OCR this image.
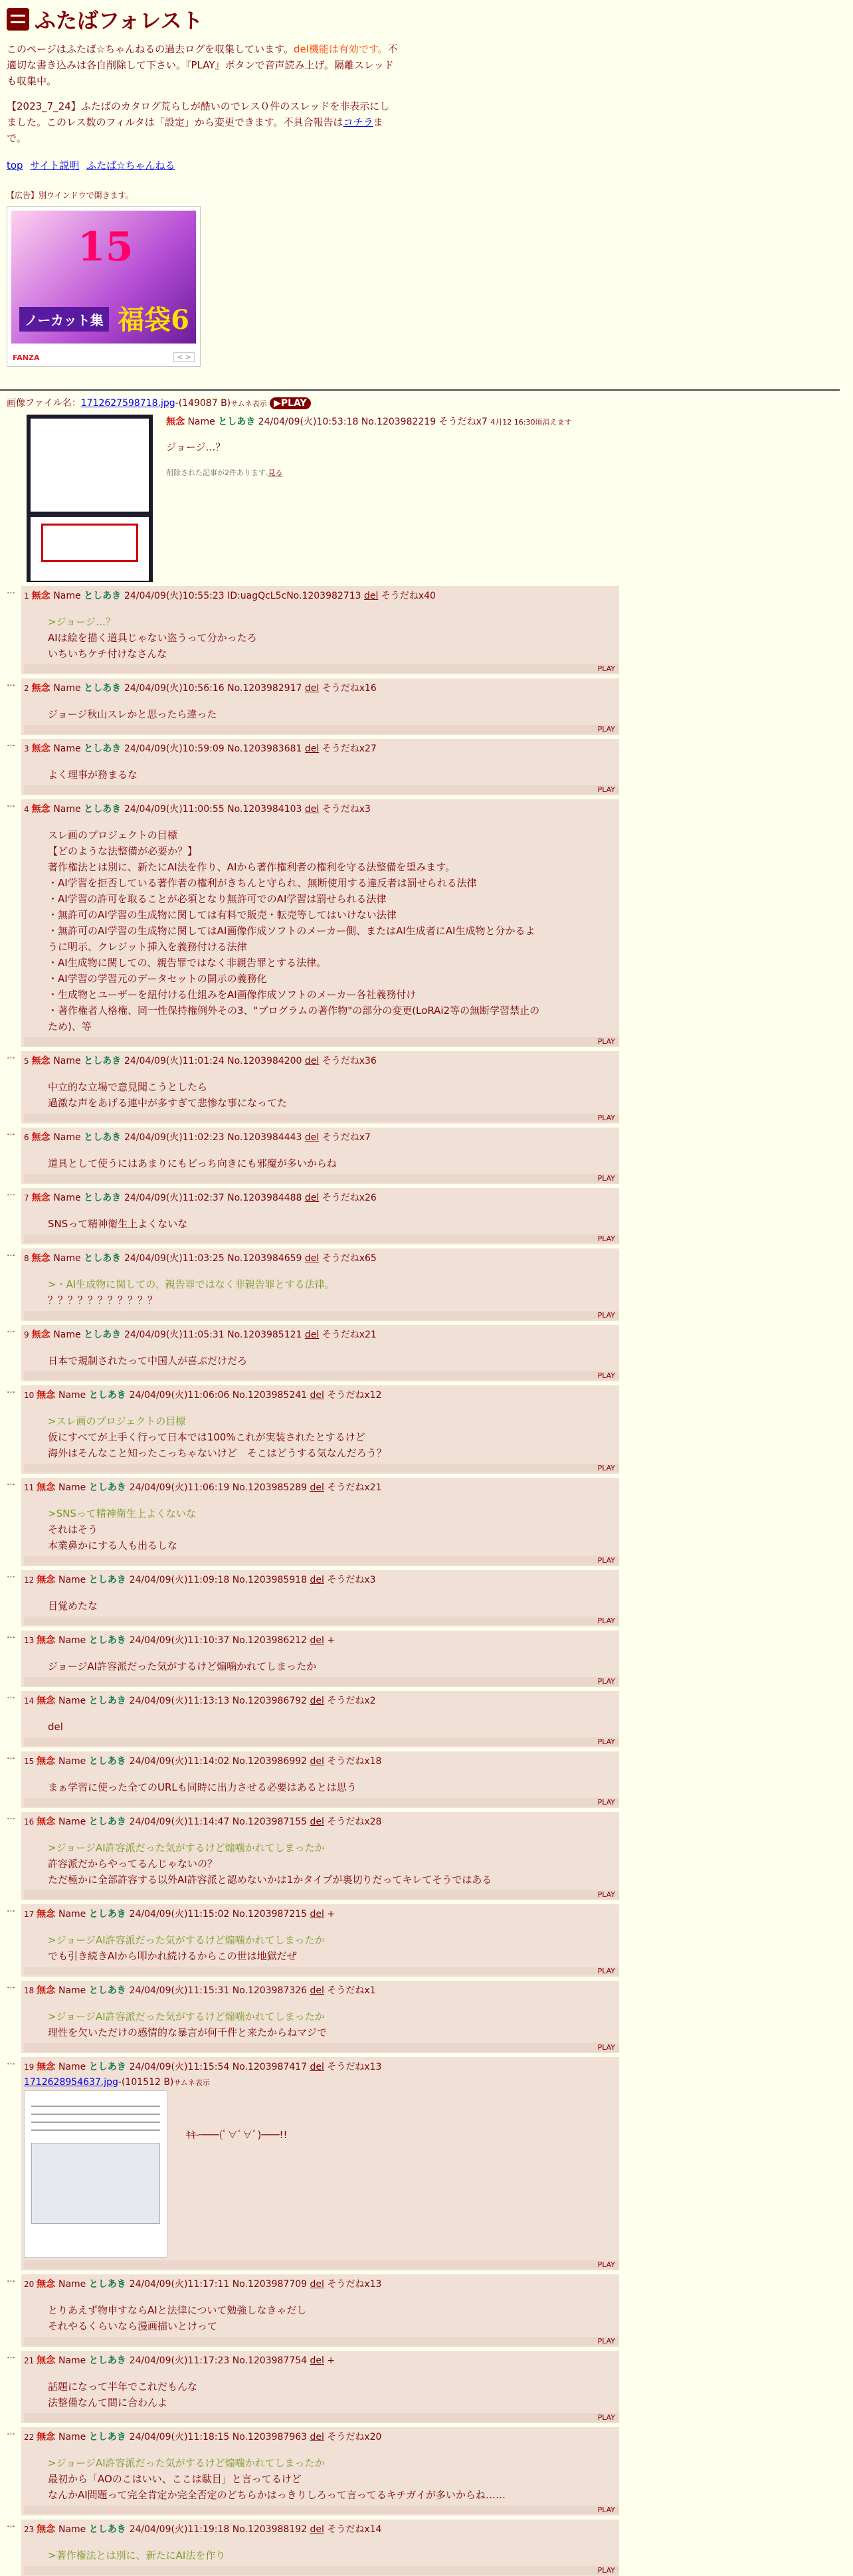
ふたばフォレスト

このページはふたば☆ちゃんねるの過去ログを収集しています。del機能は有効です。不適切な書き込みは各自削除して下さい。『PLAY』ボタンで音声読み上げ。隔離スレッドも収集中。

【2023_7_24】ふたばのカタログ荒らしが酷いのでレス０件のスレッドを非表示にしました。このレス数のフィルタは「設定」から変更できます。不具合報告はコチラまで。

top サイト説明 ふたば☆ちゃんねる
【広告】別ウインドウで開きます。
15
ノーカット集 福袋6
FANZA	< >
画像ファイル名：1712627598718.jpg-(149087 B)サムネ表示 ▶PLAY
無念 Name としあき 24/04/09(火)10:53:18 No.1203982219 そうだねx7 4月12 16:30頃消えます
ジョージ…？
削除された記事が2件あります.見る
…	1 無念 Name としあき 24/04/09(火)10:55:23 ID:uagQcL5cNo.1203982713 del そうだねx40
>ジョージ…？
AIは絵を描く道具じゃない盗うって分かったろ
いちいちケチ付けなさんな
PLAY
…	2 無念 Name としあき 24/04/09(火)10:56:16 No.1203982917 del そうだねx16
ジョージ秋山スレかと思ったら違った
PLAY
…	3 無念 Name としあき 24/04/09(火)10:59:09 No.1203983681 del そうだねx27
よく理事が務まるな
PLAY
…	4 無念 Name としあき 24/04/09(火)11:00:55 No.1203984103 del そうだねx3
スレ画のプロジェクトの目標
【どのような法整備が必要か？】
著作権法とは別に、新たにAI法を作り、AIから著作権利者の権利を守る法整備を望みます。
・AI学習を拒否している著作者の権利がきちんと守られ、無断使用する違反者は罰せられる法律
・AI学習の許可を取ることが必須となり無許可でのAI学習は罰せられる法律
・無許可のAI学習の生成物に関しては有料で販売・転売等してはいけない法律
・無許可のAI学習の生成物に関してはAI画像作成ソフトのメーカー側、またはAI生成者にAI生成物と分かるよ
うに明示、クレジット挿入を義務付ける法律
・AI生成物に関しての、親告罪ではなく非親告罪とする法律。
・AI学習の学習元のデータセットの開示の義務化
・生成物とユーザーを紐付ける仕組みをAI画像作成ソフトのメーカー各社義務付け
・著作権者人格権、同一性保持権例外その3、"プログラムの著作物"の部分の変更(LoRAi2等の無断学習禁止の
ため)、等
PLAY
…	5 無念 Name としあき 24/04/09(火)11:01:24 No.1203984200 del そうだねx36
中立的な立場で意見聞こうとしたら
過激な声をあげる連中が多すぎて悲惨な事になってた
PLAY
…	6 無念 Name としあき 24/04/09(火)11:02:23 No.1203984443 del そうだねx7
道具として使うにはあまりにもビっち向きにも邪魔が多いからね
PLAY
…	7 無念 Name としあき 24/04/09(火)11:02:37 No.1203984488 del そうだねx26
SNSって精神衛生上よくないな
PLAY
…	8 無念 Name としあき 24/04/09(火)11:03:25 No.1203984659 del そうだねx65
>・AI生成物に関しての、親告罪ではなく非親告罪とする法律。
？？？？？？？？？？？
PLAY
…	9 無念 Name としあき 24/04/09(火)11:05:31 No.1203985121 del そうだねx21
日本で規制されたって中国人が喜ぶだけだろ
PLAY
…	10 無念 Name としあき 24/04/09(火)11:06:06 No.1203985241 del そうだねx12
>スレ画のプロジェクトの目標
仮にすべてが上手く行って日本では100%これが実装されたとするけど
海外はそんなこと知ったこっちゃないけど　そこはどうする気なんだろう？
PLAY
…	11 無念 Name としあき 24/04/09(火)11:06:19 No.1203985289 del そうだねx21
>SNSって精神衛生上よくないな
それはそう
本業鼻かにする人も出るしな
PLAY
…	12 無念 Name としあき 24/04/09(火)11:09:18 No.1203985918 del そうだねx3
目覚めたな
PLAY
…	13 無念 Name としあき 24/04/09(火)11:10:37 No.1203986212 del +
ジョージAI許容派だった気がするけど煽噛かれてしまったか
PLAY
…	14 無念 Name としあき 24/04/09(火)11:13:13 No.1203986792 del そうだねx2
del
PLAY
…	15 無念 Name としあき 24/04/09(火)11:14:02 No.1203986992 del そうだねx18
まぁ学習に使った全てのURLも同時に出力させる必要はあるとは思う
PLAY
…	16 無念 Name としあき 24/04/09(火)11:14:47 No.1203987155 del そうだねx28
>ジョージAI許容派だった気がするけど煽噛かれてしまったか
許容派だからやってるんじゃないの？
ただ極かに全部許容する以外AI許容派と認めないかは1かタイプが裏切りだってキレてそうではある
PLAY
…	17 無念 Name としあき 24/04/09(火)11:15:02 No.1203987215 del +
>ジョージAI許容派だった気がするけど煽噛かれてしまったか
でも引き続きAIから叩かれ続けるからこの世は地獄だぜ
PLAY
…	18 無念 Name としあき 24/04/09(火)11:15:31 No.1203987326 del そうだねx1
>ジョージAI許容派だった気がするけど煽噛かれてしまったか
理性を欠いただけの感情的な暴言が何千件と来たからねマジで
PLAY
…	19 無念 Name としあき 24/04/09(火)11:15:54 No.1203987417 del そうだねx13
1712628954637.jpg-(101512 B)サムネ表示
ｷｷｰ───(ﾟ∀ﾟ∀ﾟ)───!!
PLAY
…	20 無念 Name としあき 24/04/09(火)11:17:11 No.1203987709 del そうだねx13
とりあえず物申すならAIと法律について勉強しなきゃだし
それやるくらいなら漫画描いとけって
PLAY
…	21 無念 Name としあき 24/04/09(火)11:17:23 No.1203987754 del +
話題になって半年でこれだもんな
法整備なんて間に合わんよ
PLAY
…	22 無念 Name としあき 24/04/09(火)11:18:15 No.1203987963 del そうだねx20
>ジョージAI許容派だった気がするけど煽噛かれてしまったか
最初から「AOのこはいい、ここは駄目」と言ってるけど
なんかAI問題って完全肯定か完全否定のどちらかはっきりしろって言ってるキチガイが多いからね……
PLAY
…	23 無念 Name としあき 24/04/09(火)11:19:18 No.1203988192 del そうだねx14
>著作権法とは別に、新たにAI法を作り
PLAY
